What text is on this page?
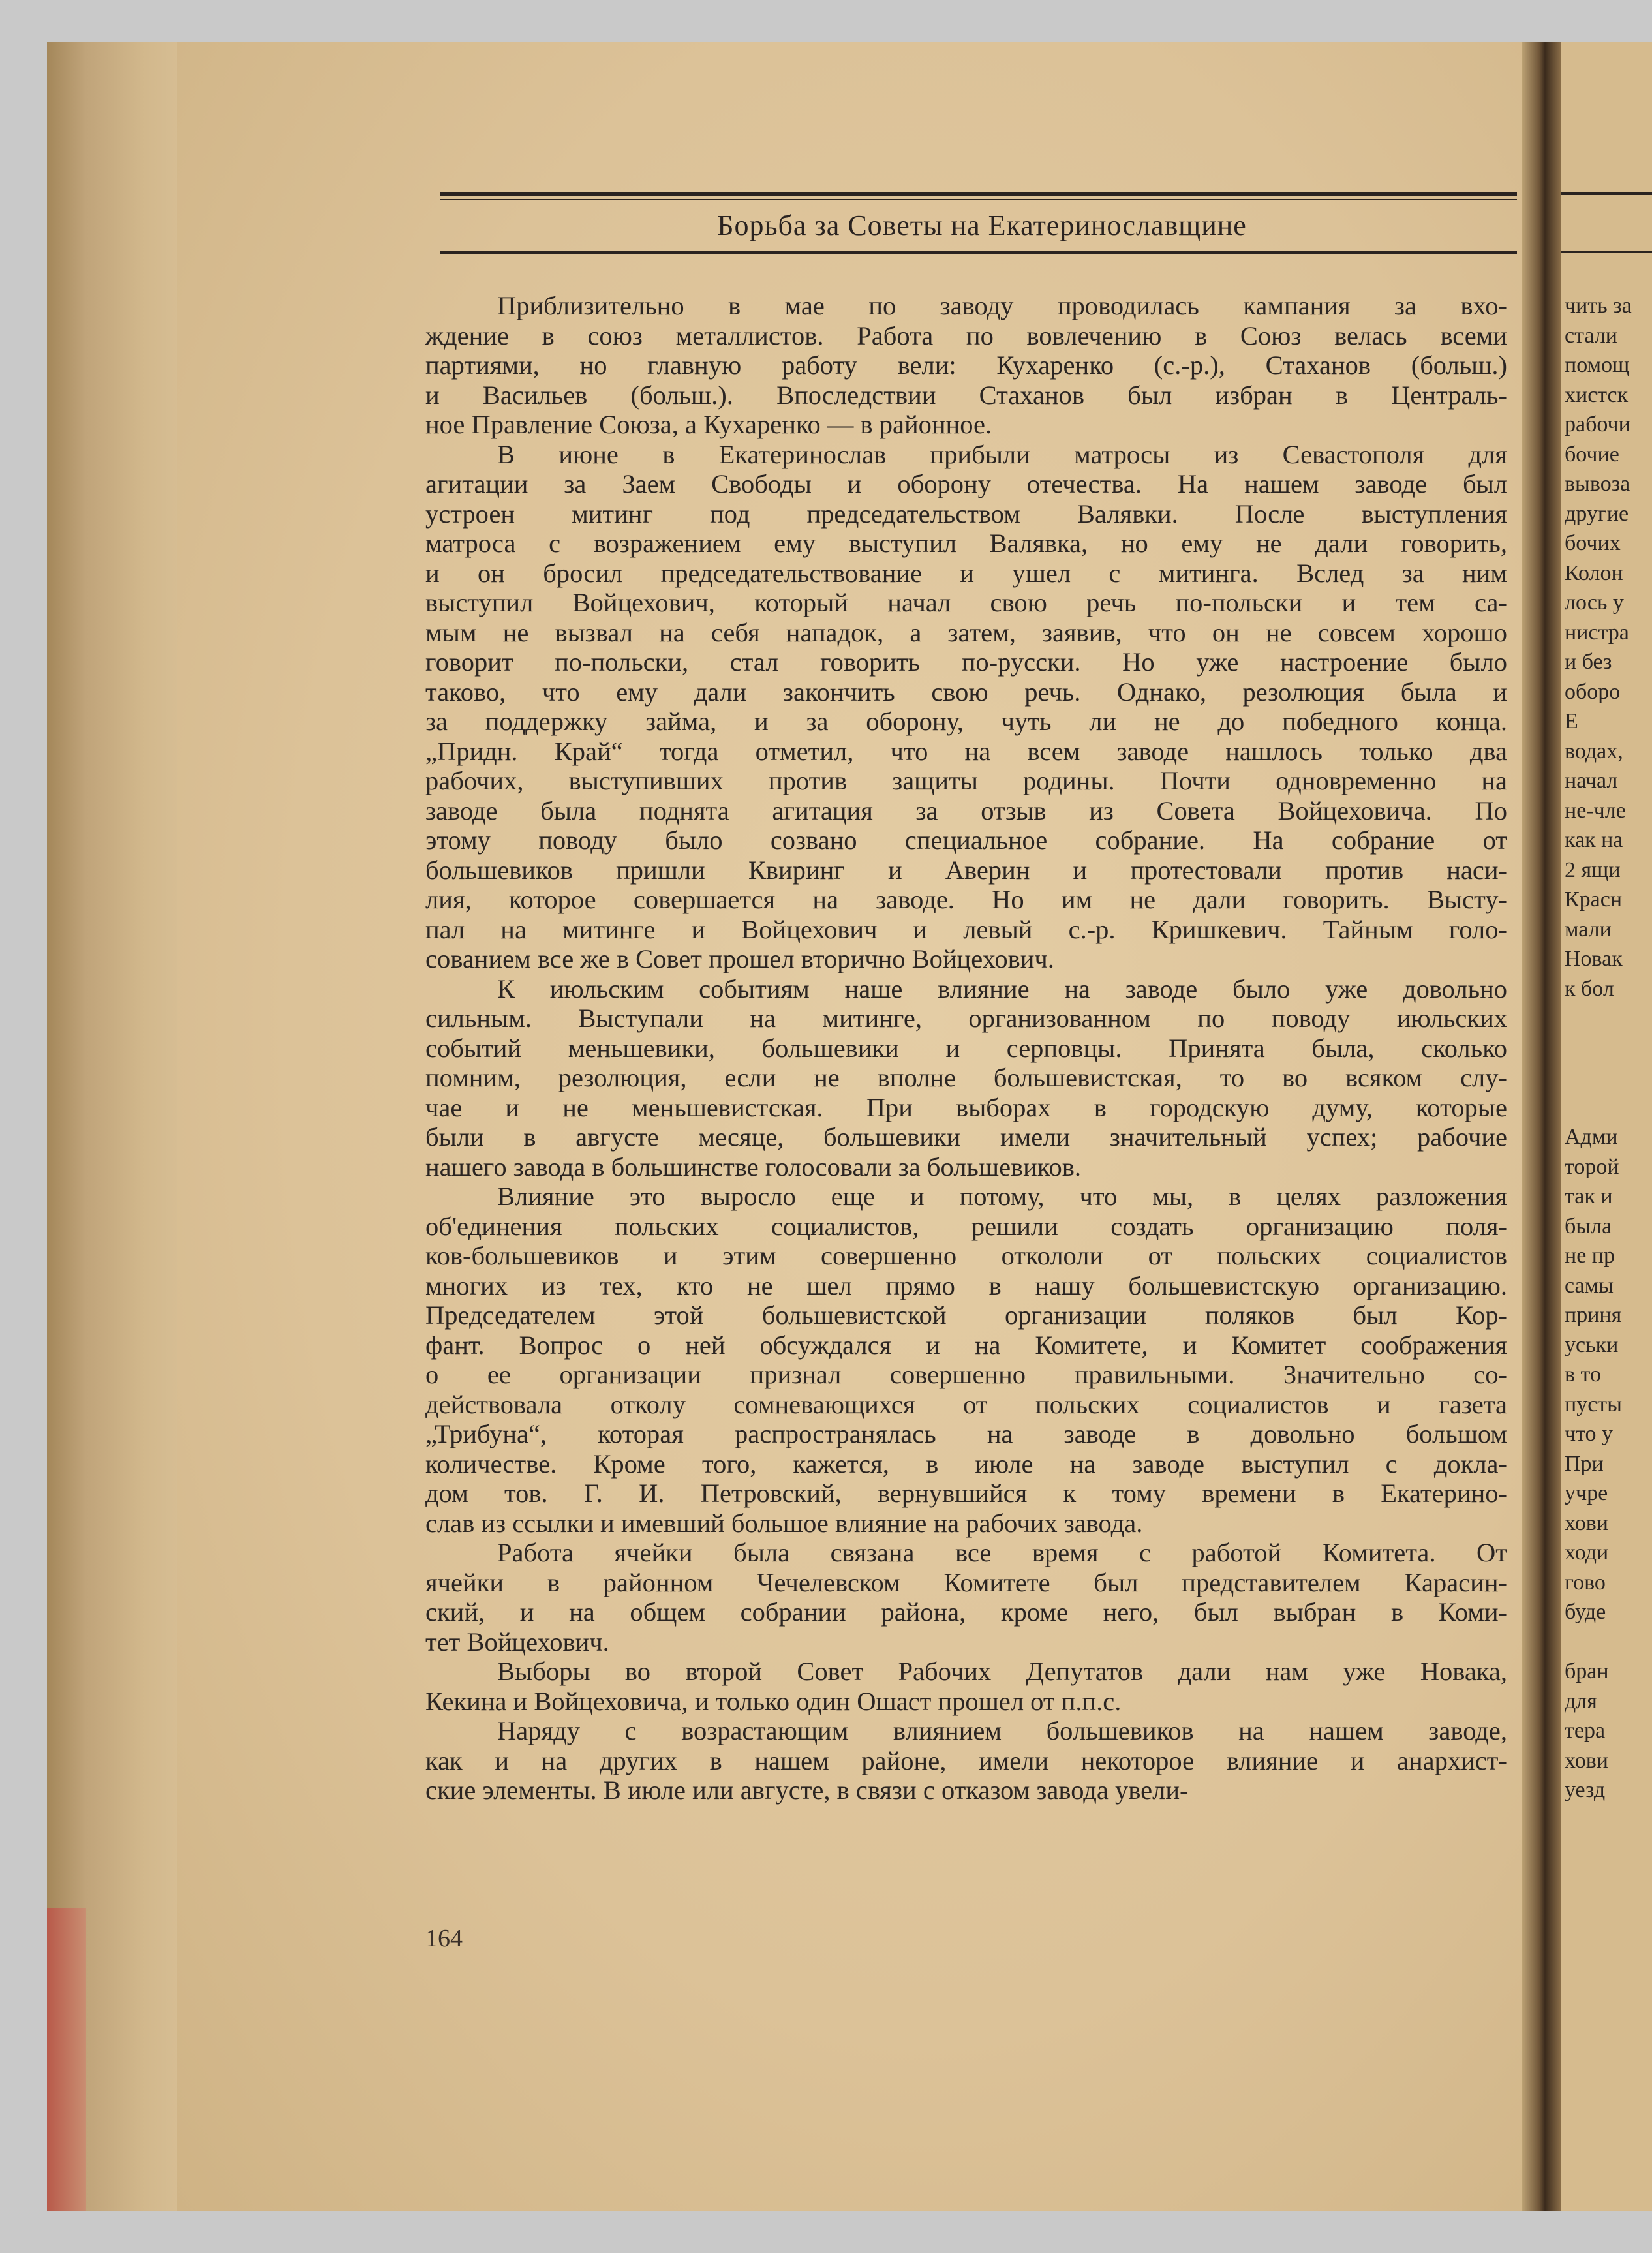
Борьба за Советы на Екатеринославщине
Приблизительно в мае по заводу проводилась кампания за вхо-
ждение в союз металлистов. Работа по вовлечению в Союз велась всеми
партиями, но главную работу вели: Кухаренко (с.-р.), Стаханов (больш.)
и Васильев (больш.). Впоследствии Стаханов был избран в Централь-
ное Правление Союза, а Кухаренко — в районное.
В июне в Екатеринослав прибыли матросы из Севастополя для
агитации за Заем Свободы и оборону отечества. На нашем заводе был
устроен митинг под председательством Валявки. После выступления
матроса с возражением ему выступил Валявка, но ему не дали говорить,
и он бросил председательствование и ушел с митинга. Вслед за ним
выступил Войцехович, который начал свою речь по-польски и тем са-
мым не вызвал на себя нападок, а затем, заявив, что он не совсем хорошо
говорит по-польски, стал говорить по-русски. Но уже настроение было
таково, что ему дали закончить свою речь. Однако, резолюция была и
за поддержку займа, и за оборону, чуть ли не до победного конца.
„Придн. Край“ тогда отметил, что на всем заводе нашлось только два
рабочих, выступивших против защиты родины. Почти одновременно на
заводе была поднята агитация за отзыв из Совета Войцеховича. По
этому поводу было созвано специальное собрание. На собрание от
большевиков пришли Квиринг и Аверин и протестовали против наси-
лия, которое совершается на заводе. Но им не дали говорить. Высту-
пал на митинге и Войцехович и левый с.-р. Кришкевич. Тайным голо-
сованием все же в Совет прошел вторично Войцехович.
К июльским событиям наше влияние на заводе было уже довольно
сильным. Выступали на митинге, организованном по поводу июльских
событий меньшевики, большевики и серповцы. Принята была, сколько
помним, резолюция, если не вполне большевистская, то во всяком слу-
чае и не меньшевистская. При выборах в городскую думу, которые
были в августе месяце, большевики имели значительный успех; рабочие
нашего завода в большинстве голосовали за большевиков.
Влияние это выросло еще и потому, что мы, в целях разложения
об'единения польских социалистов, решили создать организацию поля-
ков-большевиков и этим совершенно откололи от польских социалистов
многих из тех, кто не шел прямо в нашу большевистскую организацию.
Председателем этой большевистской организации поляков был Кор-
фант. Вопрос о ней обсуждался и на Комитете, и Комитет соображения
о ее организации признал совершенно правильными. Значительно со-
действовала отколу сомневающихся от польских социалистов и газета
„Трибуна“, которая распространялась на заводе в довольно большом
количестве. Кроме того, кажется, в июле на заводе выступил с докла-
дом тов. Г. И. Петровский, вернувшийся к тому времени в Екатерино-
слав из ссылки и имевший большое влияние на рабочих завода.
Работа ячейки была связана все время с работой Комитета. От
ячейки в районном Чечелевском Комитете был представителем Карасин-
ский, и на общем собрании района, кроме него, был выбран в Коми-
тет Войцехович.
Выборы во второй Совет Рабочих Депутатов дали нам уже Новака,
Кекина и Войцеховича, и только один Ошаст прошел от п.п.с.
Наряду с возрастающим влиянием большевиков на нашем заводе,
как и на других в нашем районе, имели некоторое влияние и анархист-
ские элементы. В июле или августе, в связи с отказом завода увели-
164
чить за
стали
помощ
хистск
рабочи
бочие
вывоза
другие
бочих
Колон
лось у
нистра
и без
оборо
Е
водах,
начал
не-чле
как на
2 ящи
Красн
мали
Новак
к бол
Адми
торой
так и
была
не пр
самы
приня
уськи
в то
пусты
что у
При
учре
хови
ходи
гово
буде
бран
для
тера
хови
уезд
